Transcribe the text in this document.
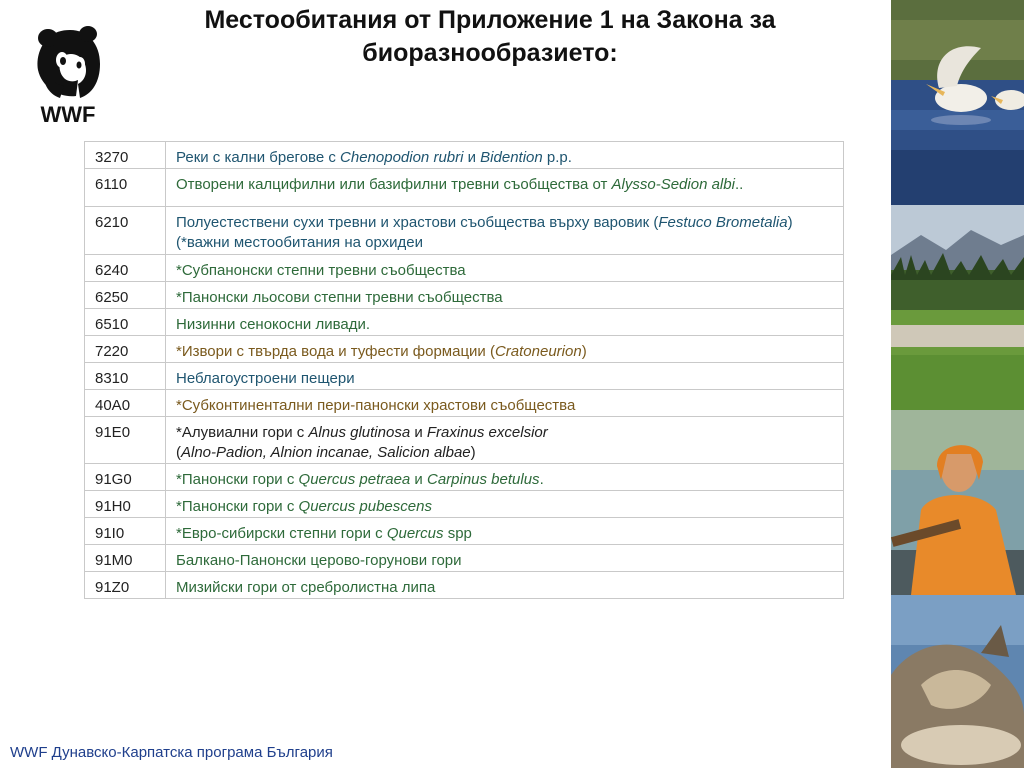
WWF
Местообитания от Приложение 1 на Закона за биоразнообразието:
3270	Реки с кални брегове с Chenopodion rubri и Bidention p.p.
6110	Отворени калцифилни или базифилни тревни съобщества от Alysso-Sedion albi..
6210	Полуестествени сухи тревни и храстови съобщества върху варовик (Festuco Brometalia) (*важни местообитания на орхидеи
6240	*Субпанонски степни тревни съобщества
6250	*Панонски льосови степни тревни съобщества
6510	Низинни сенокосни ливади.
7220	*Извори с твърда вода и туфести формации (Cratoneurion)
8310	Неблагоустроени пещери
40A0	*Субконтинентални пери-панонски храстови съобщества
91E0	*Алувиални гори с Alnus glutinosa и Fraxinus excelsior
(Alno-Padion, Alnion incanae, Salicion albae)
91G0	*Панонски гори с Quercus petraea и Carpinus betulus.
91H0	*Панонски гори с Quercus pubescens
91I0	*Евро-сибирски степни гори с Quercus spp
91M0	Балкано-Панонски церово-горунови гори
91Z0	Мизийски гори от сребролистна липа
WWF Дунавско-Карпатска програма България
